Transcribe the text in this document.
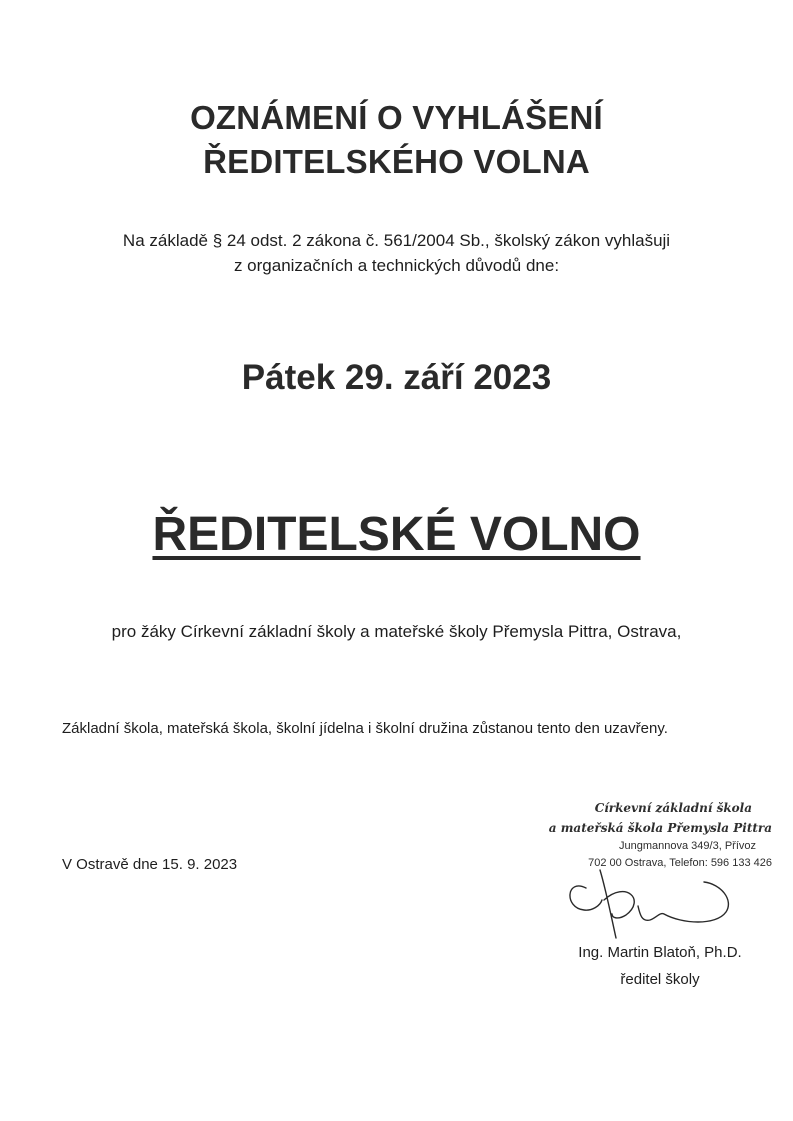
OZNÁMENÍ O VYHLÁŠENÍ
ŘEDITELSKÉHO VOLNA
Na základě § 24 odst. 2 zákona č. 561/2004 Sb., školský zákon vyhlašuji
z organizačních a technických důvodů dne:
Pátek 29. září 2023
ŘEDITELSKÉ VOLNO
pro žáky Církevní základní školy a mateřské školy Přemysla Pittra, Ostrava,
Základní škola, mateřská škola, školní jídelna i školní družina zůstanou tento den uzavřeny.
V Ostravě dne 15. 9. 2023
Církevní základní škola
a mateřská škola Přemysla Pittra
Jungmannova 349/3, Přívoz
702 00 Ostrava, Telefon: 596 133 426
Ing. Martin Blatoň, Ph.D.
ředitel školy
